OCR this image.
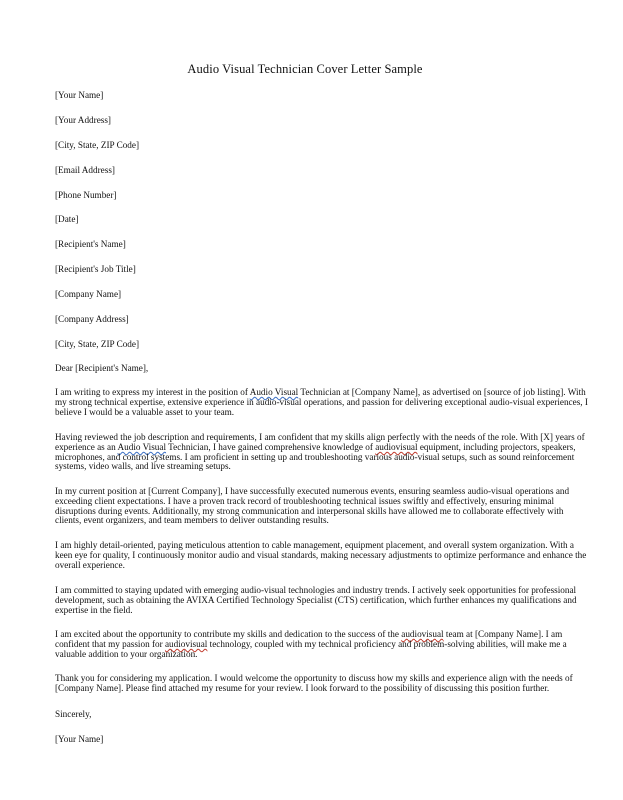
Audio Visual Technician Cover Letter Sample
[Your Name]
[Your Address]
[City, State, ZIP Code]
[Email Address]
[Phone Number]
[Date]
[Recipient's Name]
[Recipient's Job Title]
[Company Name]
[Company Address]
[City, State, ZIP Code]
Dear [Recipient's Name],
I am writing to express my interest in the position of Audio Visual Technician at [Company Name], as advertised on [source of job listing]. With
my strong technical expertise, extensive experience in audio-visual operations, and passion for delivering exceptional audio-visual experiences, I
believe I would be a valuable asset to your team.
Having reviewed the job description and requirements, I am confident that my skills align perfectly with the needs of the role. With [X] years of
experience as an Audio Visual Technician, I have gained comprehensive knowledge of audiovisual equipment, including projectors, speakers,
microphones, and control systems. I am proficient in setting up and troubleshooting various audio-visual setups, such as sound reinforcement
systems, video walls, and live streaming setups.
In my current position at [Current Company], I have successfully executed numerous events, ensuring seamless audio-visual operations and
exceeding client expectations. I have a proven track record of troubleshooting technical issues swiftly and effectively, ensuring minimal
disruptions during events. Additionally, my strong communication and interpersonal skills have allowed me to collaborate effectively with
clients, event organizers, and team members to deliver outstanding results.
I am highly detail-oriented, paying meticulous attention to cable management, equipment placement, and overall system organization. With a
keen eye for quality, I continuously monitor audio and visual standards, making necessary adjustments to optimize performance and enhance the
overall experience.
I am committed to staying updated with emerging audio-visual technologies and industry trends. I actively seek opportunities for professional
development, such as obtaining the AVIXA Certified Technology Specialist (CTS) certification, which further enhances my qualifications and
expertise in the field.
I am excited about the opportunity to contribute my skills and dedication to the success of the audiovisual team at [Company Name]. I am
confident that my passion for audiovisual technology, coupled with my technical proficiency and problem-solving abilities, will make me a
valuable addition to your organization.
Thank you for considering my application. I would welcome the opportunity to discuss how my skills and experience align with the needs of
[Company Name]. Please find attached my resume for your review. I look forward to the possibility of discussing this position further.
Sincerely,
[Your Name]
